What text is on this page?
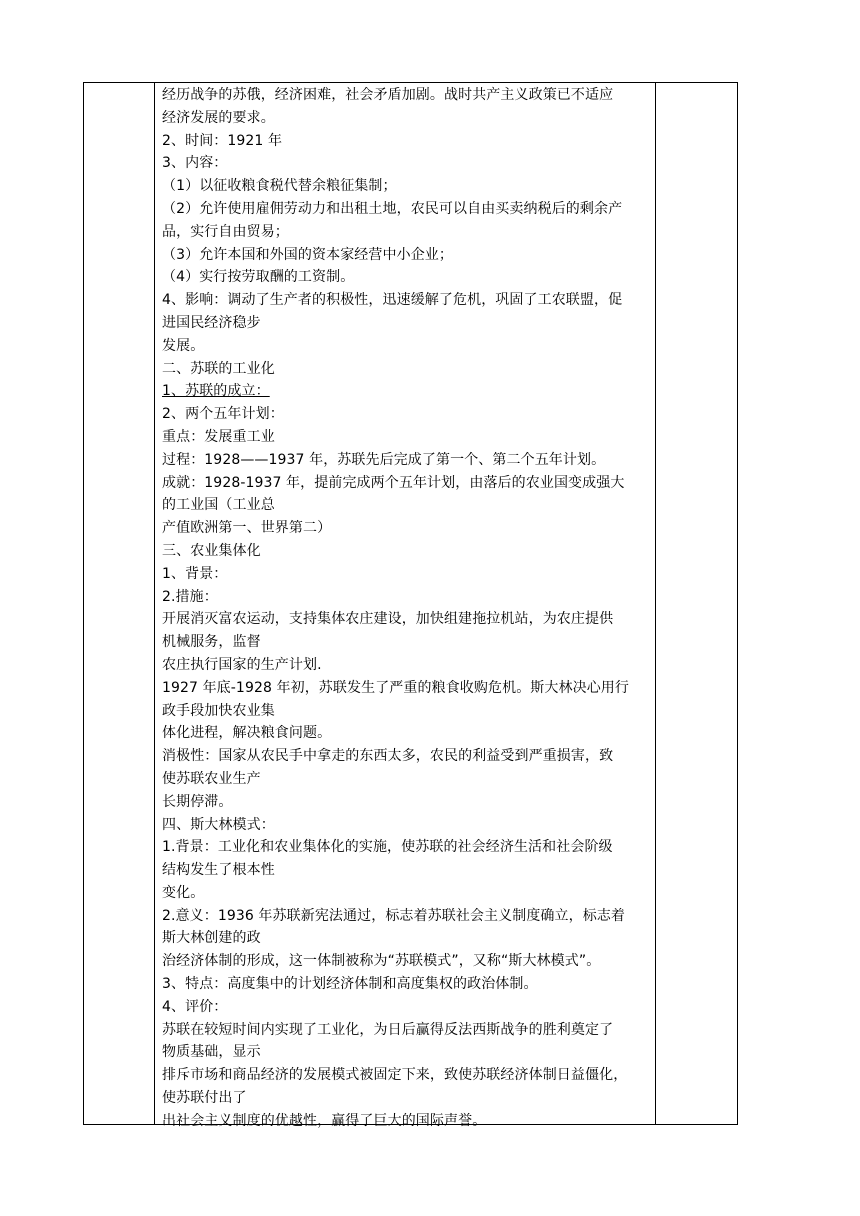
经历战争的苏俄，经济困难，社会矛盾加剧。战时共产主义政策已不适应
经济发展的要求。
2、时间：1921 年
3、内容：
（1）以征收粮食税代替余粮征集制；
（2）允许使用雇佣劳动力和出租土地，农民可以自由买卖纳税后的剩余产
品，实行自由贸易；
（3）允许本国和外国的资本家经营中小企业；
（4）实行按劳取酬的工资制。
4、影响：调动了生产者的积极性，迅速缓解了危机，巩固了工农联盟，促
进国民经济稳步
发展。
二、苏联的工业化
1、苏联的成立：
2、两个五年计划：
重点：发展重工业
过程：1928——1937 年，苏联先后完成了第一个、第二个五年计划。
成就：1928-1937 年，提前完成两个五年计划，由落后的农业国变成强大
的工业国（工业总
产值欧洲第一、世界第二）
三、农业集体化
1、背景：
2.措施：
开展消灭富农运动，支持集体农庄建设，加快组建拖拉机站，为农庄提供
机械服务，监督
农庄执行国家的生产计划.
1927 年底-1928 年初，苏联发生了严重的粮食收购危机。斯大林决心用行
政手段加快农业集
体化进程，解决粮食问题。
消极性：国家从农民手中拿走的东西太多，农民的利益受到严重损害，致
使苏联农业生产
长期停滞。
四、斯大林模式：
1.背景：工业化和农业集体化的实施，使苏联的社会经济生活和社会阶级
结构发生了根本性
变化。
2.意义：1936 年苏联新宪法通过，标志着苏联社会主义制度确立，标志着
斯大林创建的政
治经济体制的形成，这一体制被称为“苏联模式”，又称“斯大林模式”。
3、特点：高度集中的计划经济体制和高度集权的政治体制。
4、评价：
苏联在较短时间内实现了工业化，为日后赢得反法西斯战争的胜利奠定了
物质基础，显示
排斥市场和商品经济的发展模式被固定下来，致使苏联经济体制日益僵化，
使苏联付出了
出社会主义制度的优越性，赢得了巨大的国际声誉。
